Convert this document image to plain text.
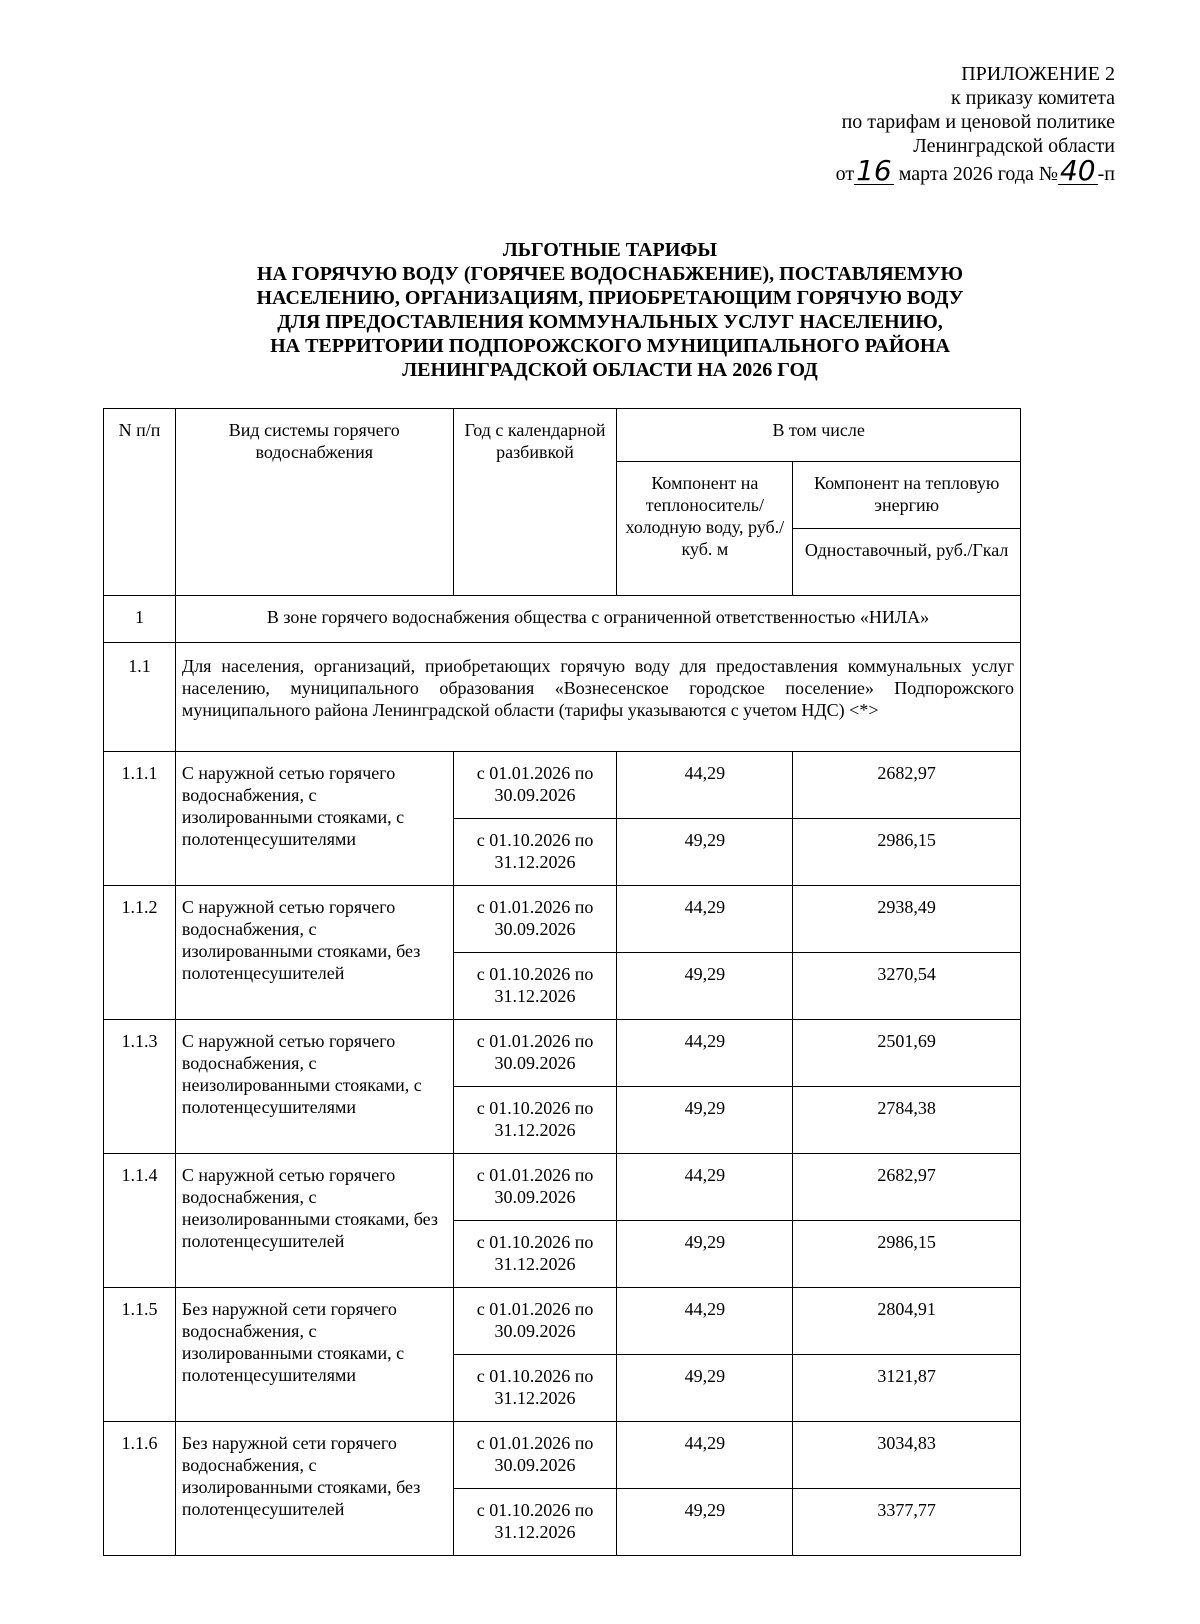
ПРИЛОЖЕНИЕ 2
к приказу комитета
по тарифам и ценовой политике
Ленинградской области
от16 марта 2026 года №40 -п
ЛЬГОТНЫЕ ТАРИФЫ
НА ГОРЯЧУЮ ВОДУ (ГОРЯЧЕЕ ВОДОСНАБЖЕНИЕ), ПОСТАВЛЯЕМУЮ
НАСЕЛЕНИЮ, ОРГАНИЗАЦИЯМ, ПРИОБРЕТАЮЩИМ ГОРЯЧУЮ ВОДУ
ДЛЯ ПРЕДОСТАВЛЕНИЯ КОММУНАЛЬНЫХ УСЛУГ НАСЕЛЕНИЮ,
НА ТЕРРИТОРИИ ПОДПОРОЖСКОГО МУНИЦИПАЛЬНОГО РАЙОНА
ЛЕНИНГРАДСКОЙ ОБЛАСТИ НА 2026 ГОД
N п/п	Вид системы горячего водоснабжения	Год с календарной разбивкой	В том числе	
			Компонент на теплоноситель/холодную воду, руб./куб. м	Компонент на тепловую энергию
				Одноставочный, руб./Гкал
1	В зоне горячего водоснабжения общества с ограниченной ответственностью «НИЛА»			
1.1	Для населения, организаций, приобретающих горячую воду для предоставления коммунальных услуг населению, муниципального образования «Вознесенское городское поселение» Подпорожского муниципального района Ленинградской области (тарифы указываются с учетом НДС) <*>			
1.1.1	С наружной сетью горячего водоснабжения, с изолированными стояками, с полотенцесушителями	с 01.01.2026 по 30.09.2026	44,29	2682,97
		с 01.10.2026 по 31.12.2026	49,29	2986,15
1.1.2	С наружной сетью горячего водоснабжения, с изолированными стояками, без полотенцесушителей	с 01.01.2026 по 30.09.2026	44,29	2938,49
		с 01.10.2026 по 31.12.2026	49,29	3270,54
1.1.3	С наружной сетью горячего водоснабжения, с неизолированными стояками, с полотенцесушителями	с 01.01.2026 по 30.09.2026	44,29	2501,69
		с 01.10.2026 по 31.12.2026	49,29	2784,38
1.1.4	С наружной сетью горячего водоснабжения, с неизолированными стояками, без полотенцесушителей	с 01.01.2026 по 30.09.2026	44,29	2682,97
		с 01.10.2026 по 31.12.2026	49,29	2986,15
1.1.5	Без наружной сети горячего водоснабжения, с изолированными стояками, с полотенцесушителями	с 01.01.2026 по 30.09.2026	44,29	2804,91
		с 01.10.2026 по 31.12.2026	49,29	3121,87
1.1.6	Без наружной сети горячего водоснабжения, с изолированными стояками, без полотенцесушителей	с 01.01.2026 по 30.09.2026	44,29	3034,83
		с 01.10.2026 по 31.12.2026	49,29	3377,77
